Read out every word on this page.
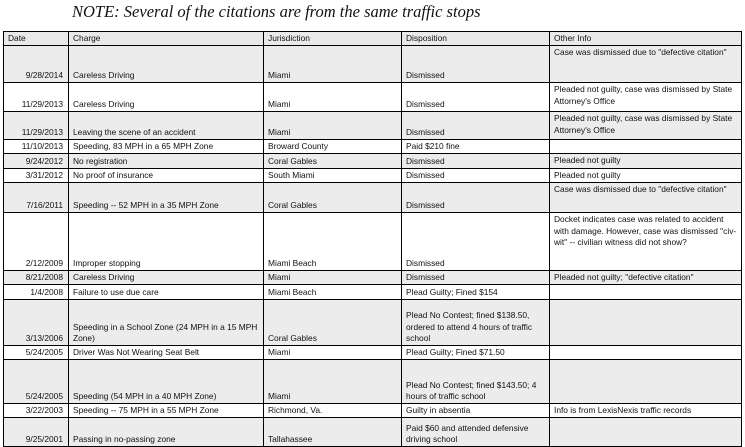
NOTE: Several of the citations are from the same traffic stops
Date	Charge	Jurisdiction	Disposition	Other Info
9/28/2014	Careless Driving	Miami	Dismissed	Case was dismissed due to "defective citation"
11/29/2013	Careless Driving	Miami	Dismissed	Pleaded not guilty, case was dismissed by State Attorney's Office
11/29/2013	Leaving the scene of an accident	Miami	Dismissed	Pleaded not guilty, case was dismissed by State Attorney's Office
11/10/2013	Speeding, 83 MPH in a 65 MPH Zone	Broward County	Paid $210 fine	
9/24/2012	No registration	Coral Gables	Dismissed	Pleaded not guilty
3/31/2012	No proof of insurance	South Miami	Dismissed	Pleaded not guilty
7/16/2011	Speeding -- 52 MPH in a 35 MPH Zone	Coral Gables	Dismissed	Case was dismissed due to "defective citation"
2/12/2009	Improper stopping	Miami Beach	Dismissed	Docket indicates case was related to accident with damage. However, case was dismissed "civ-wit" -- civilian witness did not show?
8/21/2008	Careless Driving	Miami	Dismissed	Pleaded not guilty; "defective citation"
1/4/2008	Failure to use due care	Miami Beach	Plead Guilty; Fined $154	
3/13/2006	Speeding in a School Zone (24 MPH in a 15 MPH Zone)	Coral Gables	Plead No Contest; fined $138.50, ordered to attend 4 hours of traffic school	
5/24/2005	Driver Was Not Wearing Seat Belt	Miami	Plead Guilty; Fined $71.50	
5/24/2005	Speeding (54 MPH in a 40 MPH Zone)	Miami	Plead No Contest; fined $143.50; 4 hours of traffic school	
3/22/2003	Speeding -- 75 MPH in a 55 MPH Zone	Richmond, Va.	Guilty in absentia	Info is from LexisNexis traffic records
9/25/2001	Passing in no-passing zone	Tallahassee	Paid $60 and attended defensive driving school	
